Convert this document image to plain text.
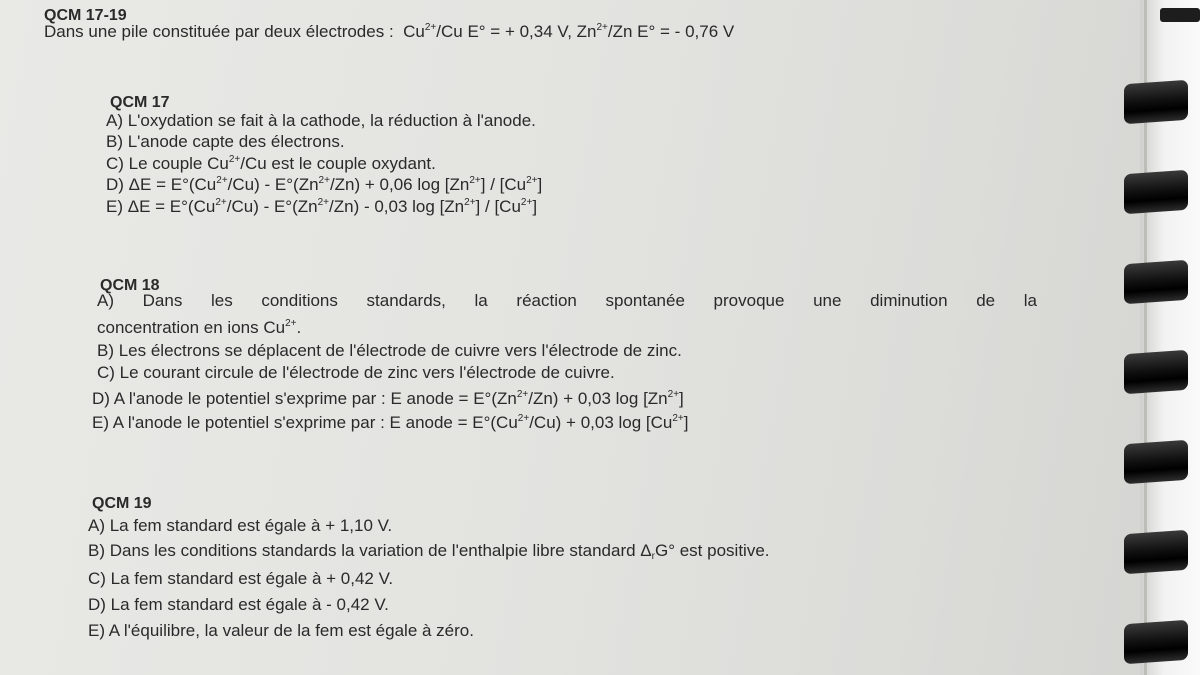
QCM 17-19
Dans une pile constituée par deux électrodes : $Cu^{2+}/Cu$ E° = + 0,34 V, $Zn^{2+}/Zn$ E° = - 0,76 V
QCM 17
A) L'oxydation se fait à la cathode, la réduction à l'anode.
B) L'anode capte des électrons.
C) Le couple $Cu^{2+}/Cu$ est le couple oxydant.
D) $\Delta E = E^\circ(Cu^{2+}/Cu) - E^\circ(Zn^{2+}/Zn) + 0,06$ $\log [Zn^{2+}] / [Cu^{2+}]$
E) $\Delta E = E^\circ(Cu^{2+}/Cu) - E^\circ(Zn^{2+}/Zn) - 0,03$ $\log [Zn^{2+}] / [Cu^{2+}]$
QCM 18
A) Dans les conditions standards, la réaction spontanée provoque une diminution de la
concentration en ions $Cu^{2+}$.
B) Les électrons se déplacent de l'électrode de cuivre vers l'électrode de zinc.
C) Le courant circule de l'électrode de zinc vers l'électrode de cuivre.
D) A l'anode le potentiel s'exprime par : E anode = $E^\circ(Zn^{2+}/Zn) + 0,03$ $\log [Zn^{2+}]$
E) A l'anode le potentiel s'exprime par : E anode = $E^\circ(Cu^{2+}/Cu) + 0,03$ $\log [Cu^{2+}]$
QCM 19
A) La fem standard est égale à + 1,10 V.
B) Dans les conditions standards la variation de l'enthalpie libre standard $\Delta_rG^\circ$ est positive.
C) La fem standard est égale à + 0,42 V.
D) La fem standard est égale à - 0,42 V.
E) A l'équilibre, la valeur de la fem est égale à zéro.
